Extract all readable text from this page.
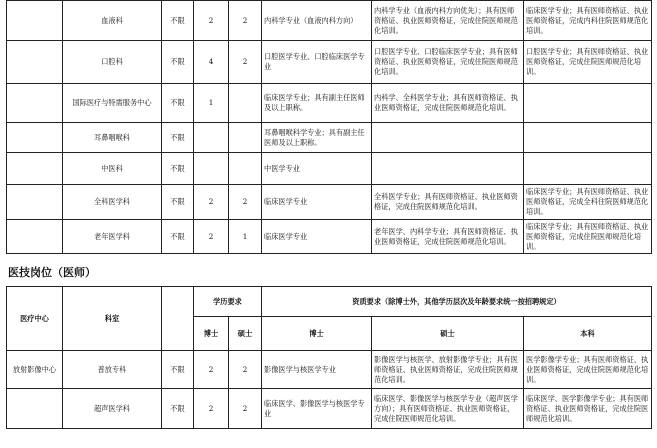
	血液科	不限	2	2	内科学专业（血液内科方向）	内科学专业（血液内科方向优先）；具有医师资格证、执业医师资格证，完成住院医师规范化培训。	临床医学专业；具有医师资格证、执业医师资格证，完成内科住院医师规范化培训。
	口腔科	不限	4	2	口腔医学专业、口腔临床医学专业	口腔医学专业、口腔临床医学专业；具有医师资格证、执业医师资格证，完成住院医师规范化培训。	口腔医学专业；具有医师资格证、执业医师资格证，完成住院医师规范化培训。
	国际医疗与特需服务中心	不限	1		临床医学专业；具有副主任医师及以上职称。	内科学、全科医学专业；具有医师资格证、执业医师资格证，完成住院医师规范化培训。	
	耳鼻咽喉科	不限			耳鼻咽喉科学专业；具有副主任医师及以上职称。		
	中医科	不限			中医学专业		
	全科医学科	不限	2	2	临床医学专业	全科医学专业；具有医师资格证、执业医师资格证，完成住院医师规范化培训。	临床医学专业；具有医师资格证、执业医师资格证，完成全科住院医师规范化培训。
	老年医学科	不限	2	1	临床医学专业	老年医学、内科学专业；具有医师资格证、执业医师资格证，完成住院医师规范化培训。	临床医学专业；具有医师资格证、执业医师资格证，完成住院医师规范化培训。
医技岗位（医师）
医疗中心	科室		学历要求		资质要求（除博士外，其他学历层次及年龄要求统一按招聘规定）		
			博士	硕士	博士	硕士	本科
放射影像中心	普放专科	不限	2	2	影像医学与核医学专业	影像医学与核医学、放射影像学专业；具有医师资格证、执业医师资格证，完成住院医师规范化培训。	医学影像学专业；具有医师资格证、执业医师资格证，完成住院医师规范化培训。
	超声医学科	不限	2	2	临床医学、影像医学与核医学专业	临床医学、影像医学与核医学专业（超声医学方向）；具有医师资格证、执业医师资格证，完成住院医师规范化培训。	临床医学、医学影像学专业；具有医师资格证、执业医师资格证，完成住院医师规范化培训。
